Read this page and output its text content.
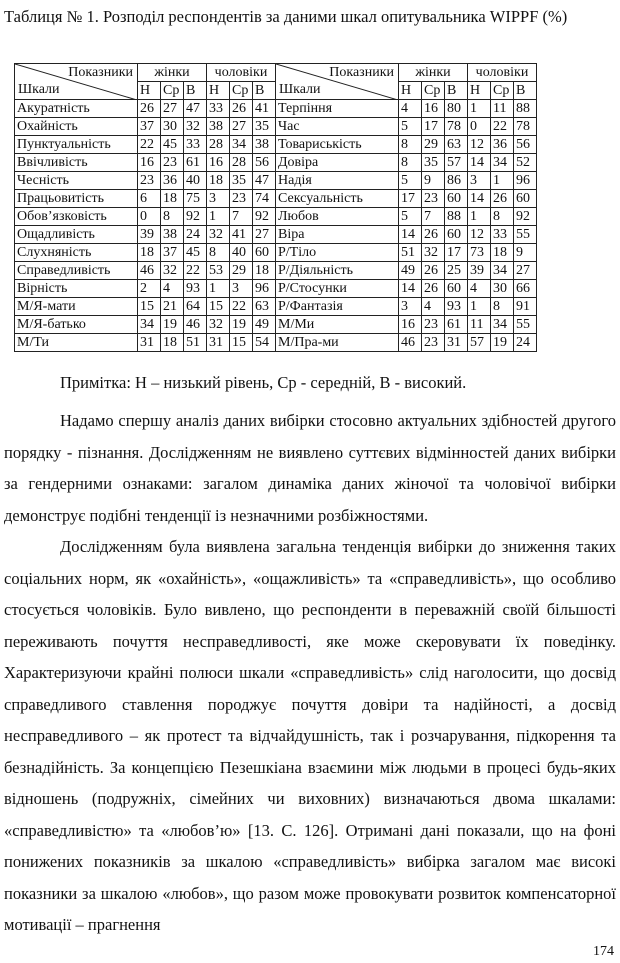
Таблиця № 1. Розподіл респондентів за даними шкал опитувальника WIPPF (%)
Показники
Шкали	жінки			чоловіки			Показники
Шкали	жінки			чоловіки		
	Н	Ср	В	Н	Ср	В		Н	Ср	В	Н	Ср	В
Акуратність	26	27	47	33	26	41	Терпіння	4	16	80	1	11	88
Охайність	37	30	32	38	27	35	Час	5	17	78	0	22	78
Пунктуальність	22	45	33	28	34	38	Товариськість	8	29	63	12	36	56
Ввічливість	16	23	61	16	28	56	Довіра	8	35	57	14	34	52
Чесність	23	36	40	18	35	47	Надія	5	9	86	3	1	96
Працьовитість	6	18	75	3	23	74	Сексуальність	17	23	60	14	26	60
Обов’язковість	0	8	92	1	7	92	Любов	5	7	88	1	8	92
Ощадливість	39	38	24	32	41	27	Віра	14	26	60	12	33	55
Слухняність	18	37	45	8	40	60	Р/Тіло	51	32	17	73	18	9
Справедливість	46	32	22	53	29	18	Р/Діяльність	49	26	25	39	34	27
Вірність	2	4	93	1	3	96	Р/Стосунки	14	26	60	4	30	66
М/Я-мати	15	21	64	15	22	63	Р/Фантазія	3	4	93	1	8	91
М/Я-батько	34	19	46	32	19	49	М/Ми	16	23	61	11	34	55
М/Ти	31	18	51	31	15	54	М/Пра-ми	46	23	31	57	19	24
Примітка: Н – низький рівень, Ср - середній, В - високий.

Надамо спершу аналіз даних вибірки стосовно актуальних здібностей другого порядку - пізнання. Дослідженням не виявлено суттєвих відмінностей даних вибірки за гендерними ознаками: загалом динаміка даних жіночої та чоловічої вибірки демонструє подібні тенденції із незначними розбіжностями.

Дослідженням була виявлена загальна тенденція вибірки до зниження таких соціальних норм, як «охайність», «ощажливість» та «справедливість», що особливо стосується чоловіків. Було вивлено, що респонденти в переважній своїй більшості переживають почуття несправедливості, яке може скеровувати їх поведінку. Характеризуючи крайні полюси шкали «справедливість» слід наголосити, що досвід справедливого ставлення породжує почуття довіри та надійності, а досвід несправедливого – як протест та відчайдушність, так і розчарування, підкорення та безнадійність. За концепцією Пезешкіана взаємини між людьми в процесі будь-яких відношень (подружніх, сімейних чи виховних) визначаються двома шкалами: «справедливістю» та «любов’ю» [13. С. 126]. Отримані дані показали, що на фоні понижених показників за шкалою «справедливість» вибірка загалом має високі показники за шкалою «любов», що разом може провокувати розвиток компенсаторної мотивації – прагнення

174
